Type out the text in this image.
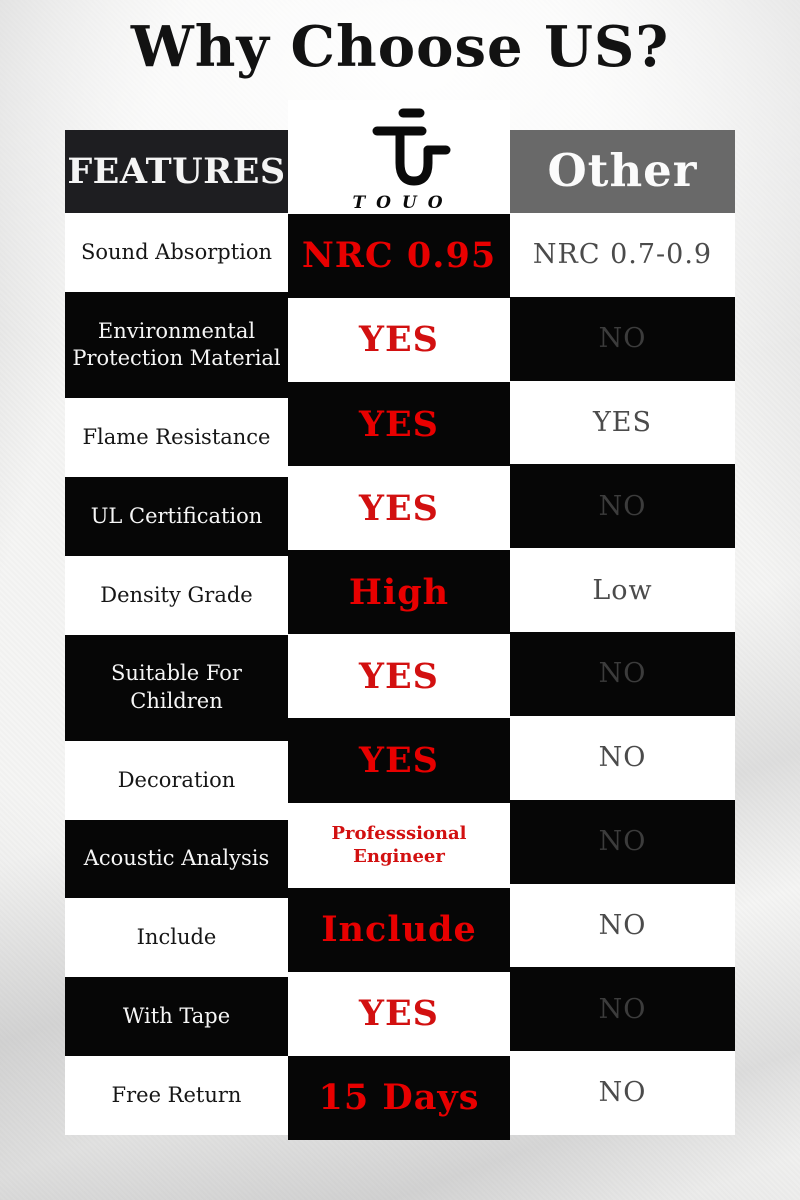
Why Choose US?
FEATURES
Sound Absorption
Environmental Protection Material
Flame Resistance
UL Certification
Density Grade
Suitable For Children
Decoration
Acoustic Analysis
Include
With Tape
Free Return
TOUO
NRC 0.95
YES
YES
YES
High
YES
YES
Professsional Engineer
Include
YES
15 Days
Other
NRC 0.7-0.9
NO
YES
NO
Low
NO
NO
NO
NO
NO
NO
